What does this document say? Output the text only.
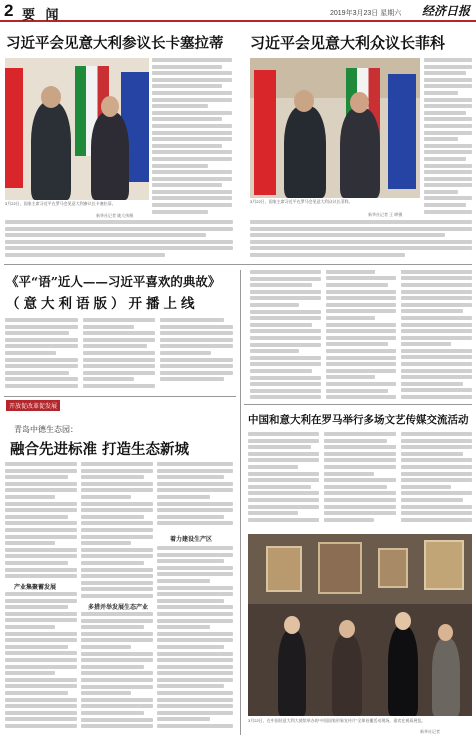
2 要 闻	2019年3月23日 星期六 经济日报
习近平会见意大利参议长卡塞拉蒂 习近平会见意大利众议长菲科
3月22日，国家主席习近平在罗马会见意大利参议长卡塞拉蒂。
新华社记者 姚大伟摄
3月22日，国家主席习近平在罗马会见意大利众议长菲科。
新华社记者 王 晔摄
《平“语”近人——习近平喜欢的典故》
（意大利语版）开播上线
开放促改革促发展
青岛中德生态园：
融合先进标准 打造生态新城
产业集聚蓄发展
多措并举发展生态产业
着力建设生产区
中国和意大利在罗马举行多场文艺传媒交流活动
3月22日，在中国驻意大利大使馆举办的“中国国家形象宣传片”全球首播活动现场，嘉宾在观看展览。
新华社记者
